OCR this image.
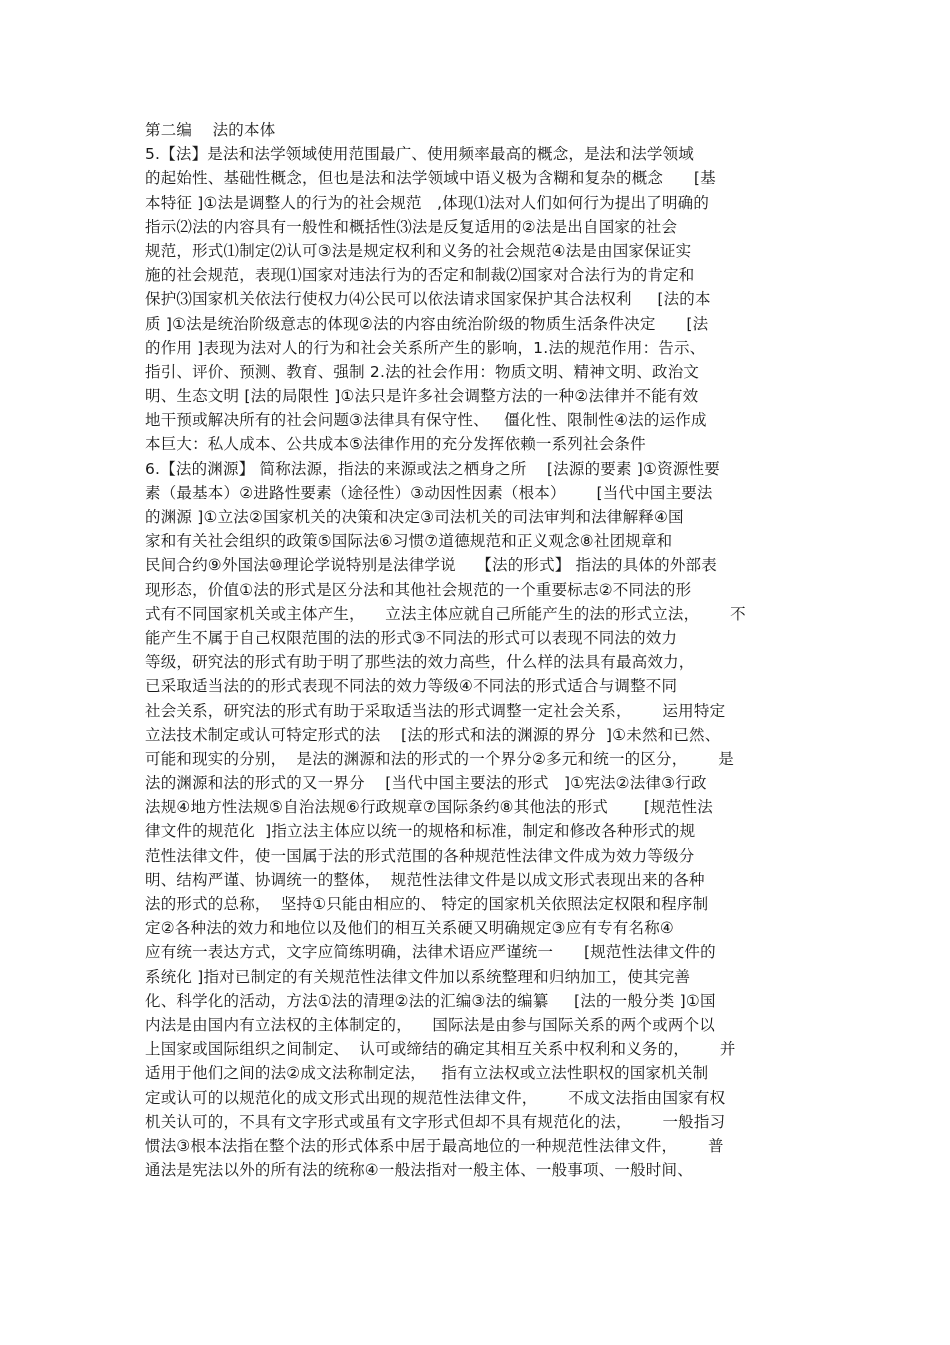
第二编    法的本体
5.【法】是法和法学领域使用范围最广、使用频率最高的概念，是法和法学领域
的起始性、基础性概念，但也是法和法学领域中语义极为含糊和复杂的概念      [基
本特征 ]①法是调整人的行为的社会规范   ,体现⑴法对人们如何行为提出了明确的
指示⑵法的内容具有一般性和概括性⑶法是反复适用的②法是出自国家的社会
规范，形式⑴制定⑵认可③法是规定权利和义务的社会规范④法是由国家保证实
施的社会规范，表现⑴国家对违法行为的否定和制裁⑵国家对合法行为的肯定和
保护⑶国家机关依法行使权力⑷公民可以依法请求国家保护其合法权利     [法的本
质 ]①法是统治阶级意志的体现②法的内容由统治阶级的物质生活条件决定      [法
的作用 ]表现为法对人的行为和社会关系所产生的影响，1.法的规范作用：告示、
指引、评价、预测、教育、强制 2.法的社会作用：物质文明、精神文明、政治文
明、生态文明 [法的局限性 ]①法只是许多社会调整方法的一种②法律并不能有效
地干预或解决所有的社会问题③法律具有保守性、   僵化性、限制性④法的运作成
本巨大：私人成本、公共成本⑤法律作用的充分发挥依赖一系列社会条件
6.【法的渊源】 简称法源，指法的来源或法之栖身之所    [法源的要素 ]①资源性要
素（最基本）②进路性要素（途径性）③动因性因素（根本）      [当代中国主要法
的渊源 ]①立法②国家机关的决策和决定③司法机关的司法审判和法律解释④国
家和有关社会组织的政策⑤国际法⑥习惯⑦道德规范和正义观念⑧社团规章和
民间合约⑨外国法⑩理论学说特别是法律学说    【法的形式】 指法的具体的外部表
现形态，价值①法的形式是区分法和其他社会规范的一个重要标志②不同法的形
式有不同国家机关或主体产生，    立法主体应就自己所能产生的法的形式立法，      不
能产生不属于自己权限范围的法的形式③不同法的形式可以表现不同法的效力
等级，研究法的形式有助于明了那些法的效力高些，什么样的法具有最高效力，
已采取适当法的的形式表现不同法的效力等级④不同法的形式适合与调整不同
社会关系，研究法的形式有助于采取适当法的形式调整一定社会关系，      运用特定
立法技术制定或认可特定形式的法    [法的形式和法的渊源的界分  ]①未然和已然、
可能和现实的分别，  是法的渊源和法的形式的一个界分②多元和统一的区分，      是
法的渊源和法的形式的又一界分    [当代中国主要法的形式   ]①宪法②法律③行政
法规④地方性法规⑤自治法规⑥行政规章⑦国际条约⑧其他法的形式       [规范性法
律文件的规范化  ]指立法主体应以统一的规格和标准，制定和修改各种形式的规
范性法律文件，使一国属于法的形式范围的各种规范性法律文件成为效力等级分
明、结构严谨、协调统一的整体，  规范性法律文件是以成文形式表现出来的各种
法的形式的总称，  坚持①只能由相应的、 特定的国家机关依照法定权限和程序制
定②各种法的效力和地位以及他们的相互关系硬又明确规定③应有专有名称④
应有统一表达方式，文字应简练明确，法律术语应严谨统一      [规范性法律文件的
系统化 ]指对已制定的有关规范性法律文件加以系统整理和归纳加工，使其完善
化、科学化的活动，方法①法的清理②法的汇编③法的编纂     [法的一般分类 ]①国
内法是由国内有立法权的主体制定的，    国际法是由参与国际关系的两个或两个以
上国家或国际组织之间制定、  认可或缔结的确定其相互关系中权利和义务的，      并
适用于他们之间的法②成文法称制定法，   指有立法权或立法性职权的国家机关制
定或认可的以规范化的成文形式出现的规范性法律文件，      不成文法指由国家有权
机关认可的，不具有文字形式或虽有文字形式但却不具有规范化的法，      一般指习
惯法③根本法指在整个法的形式体系中居于最高地位的一种规范性法律文件，      普
通法是宪法以外的所有法的统称④一般法指对一般主体、一般事项、一般时间、
